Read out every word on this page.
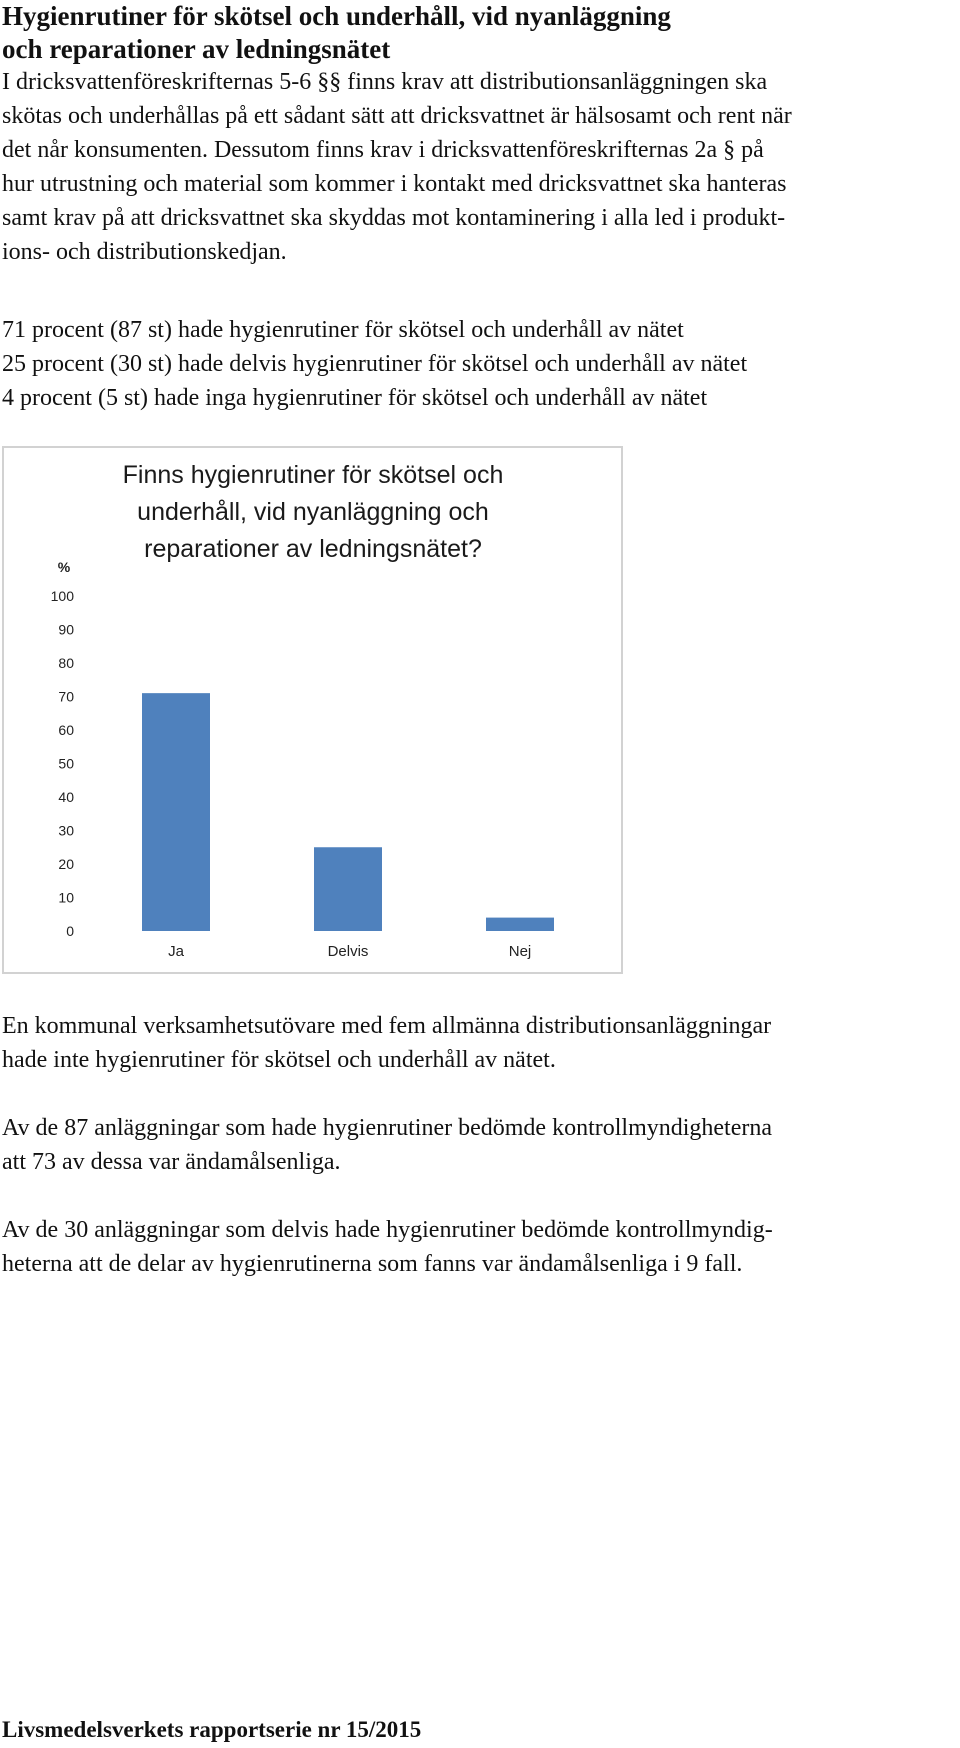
Hygienrutiner för skötsel och underhåll, vid nyanläggning
och reparationer av ledningsnätet

I dricksvattenföreskrifternas 5-6 §§ finns krav att distributionsanläggningen ska
skötas och underhållas på ett sådant sätt att dricksvattnet är hälsosamt och rent när
det når konsumenten. Dessutom finns krav i dricksvattenföreskrifternas 2a § på
hur utrustning och material som kommer i kontakt med dricksvattnet ska hanteras
samt krav på att dricksvattnet ska skyddas mot kontaminering i alla led i produkt-
ions- och distributionskedjan.

71 procent (87 st) hade hygienrutiner för skötsel och underhåll av nätet
25 procent (30 st) hade delvis hygienrutiner för skötsel och underhåll av nätet
4 procent (5 st) hade inga hygienrutiner för skötsel och underhåll av nätet

Finns hygienrutiner för skötsel och
underhåll, vid nyanläggning och
reparationer av ledningsnätet?
%
0
10
20
30
40
50
60
70
80
90
100
Ja	Delvis	Nej

En kommunal verksamhetsutövare med fem allmänna distributionsanläggningar
hade inte hygienrutiner för skötsel och underhåll av nätet.

Av de 87 anläggningar som hade hygienrutiner bedömde kontrollmyndigheterna
att 73 av dessa var ändamålsenliga.

Av de 30 anläggningar som delvis hade hygienrutiner bedömde kontrollmyndig-
heterna att de delar av hygienrutinerna som fanns var ändamålsenliga i 9 fall.

Livsmedelsverkets rapportserie nr 15/2015
